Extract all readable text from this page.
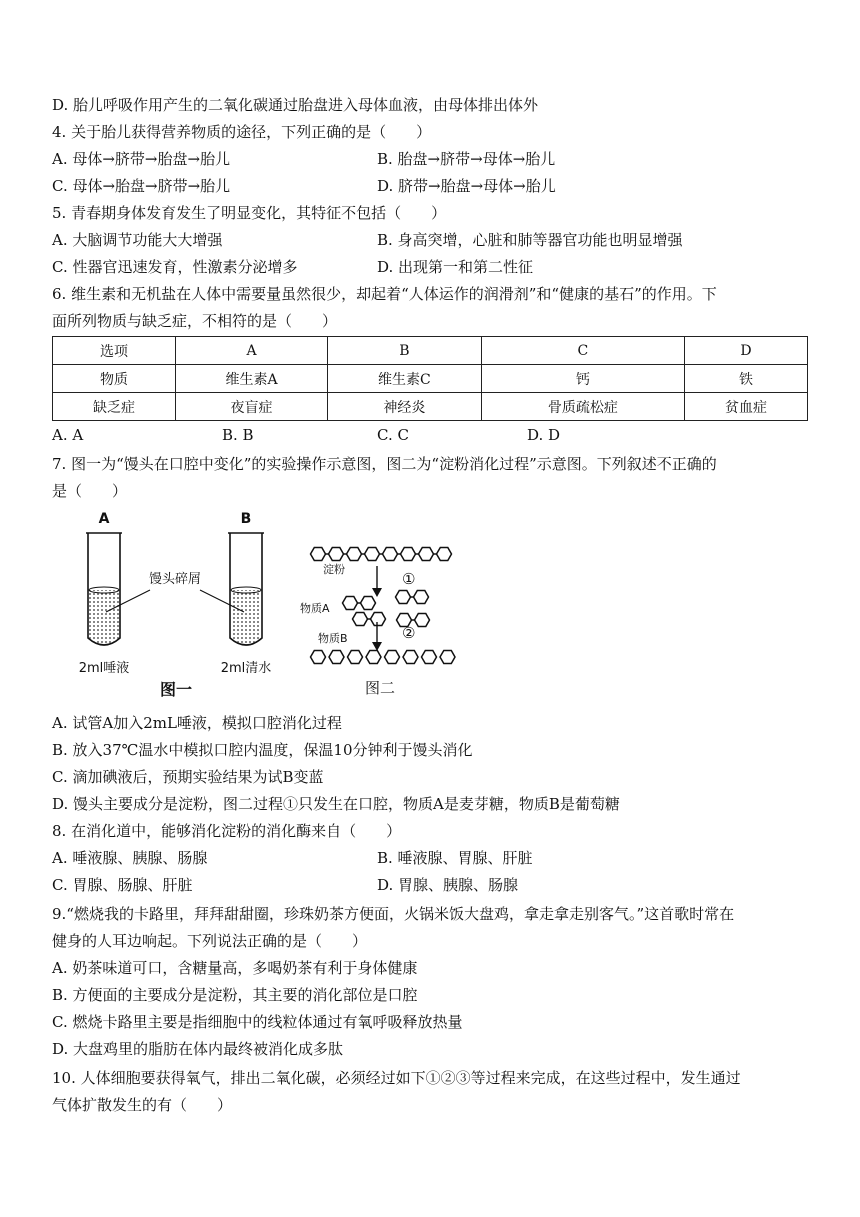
D. 胎儿呼吸作用产生的二氧化碳通过胎盘进入母体血液，由母体排出体外
4. 关于胎儿获得营养物质的途径，下列正确的是（　　）
A. 母体→脐带→胎盘→胎儿	B. 胎盘→脐带→母体→胎儿
C. 母体→胎盘→脐带→胎儿	D. 脐带→胎盘→母体→胎儿
5. 青春期身体发育发生了明显变化，其特征不包括（　　）
A. 大脑调节功能大大增强	B. 身高突增，心脏和肺等器官功能也明显增强
C. 性器官迅速发育，性激素分泌增多	D. 出现第一和第二性征
6. 维生素和无机盐在人体中需要量虽然很少，却起着“人体运作的润滑剂”和“健康的基石”的作用。下
面所列物质与缺乏症，不相符的是（　　）
选项	A	B	C	D
物质	维生素A	维生素C	钙	铁
缺乏症	夜盲症	神经炎	骨质疏松症	贫血症
A. A	B. B	C. C	D. D
7. 图一为“馒头在口腔中变化”的实验操作示意图，图二为“淀粉消化过程”示意图。下列叙述不正确的
是（　　）
A	B
馒头碎屑
2ml唾液	2ml清水
图一
淀粉
①
物质A
②
物质B
图二
A. 试管A加入2mL唾液，模拟口腔消化过程
B. 放入37℃温水中模拟口腔内温度，保温10分钟利于馒头消化
C. 滴加碘液后，预期实验结果为试B变蓝
D. 馒头主要成分是淀粉，图二过程①只发生在口腔，物质A是麦芽糖，物质B是葡萄糖
8. 在消化道中，能够消化淀粉的消化酶来自（　　）
A. 唾液腺、胰腺、肠腺	B. 唾液腺、胃腺、肝脏
C. 胃腺、肠腺、肝脏	D. 胃腺、胰腺、肠腺
9.“燃烧我的卡路里，拜拜甜甜圈，珍珠奶茶方便面，火锅米饭大盘鸡，拿走拿走别客气。”这首歌时常在
健身的人耳边响起。下列说法正确的是（　　）
A. 奶茶味道可口，含糖量高，多喝奶茶有利于身体健康
B. 方便面的主要成分是淀粉，其主要的消化部位是口腔
C. 燃烧卡路里主要是指细胞中的线粒体通过有氧呼吸释放热量
D. 大盘鸡里的脂肪在体内最终被消化成多肽
10. 人体细胞要获得氧气，排出二氧化碳，必须经过如下①②③等过程来完成，在这些过程中，发生通过
气体扩散发生的有（　　）
